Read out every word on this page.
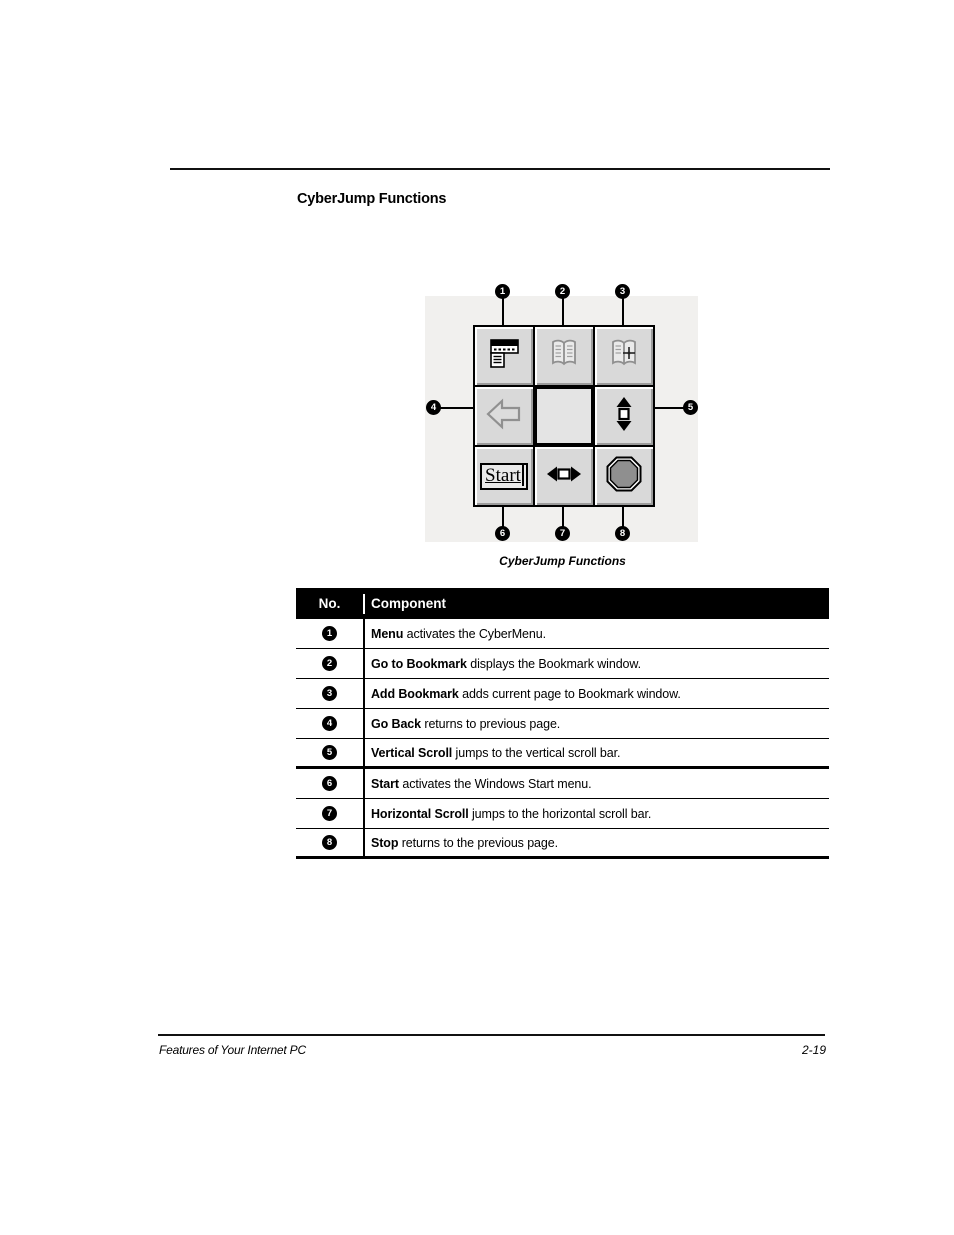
CyberJump Functions
1	2	3
4	5
6	7	8
Start
CyberJump Functions
No.	Component
1	Menu activates the CyberMenu.
2	Go to Bookmark displays the Bookmark window.
3	Add Bookmark adds current page to Bookmark window.
4	Go Back returns to previous page.
5	Vertical Scroll jumps to the vertical scroll bar.
6	Start activates the Windows Start menu.
7	Horizontal Scroll jumps to the horizontal scroll bar.
8	Stop returns to the previous page.
Features of Your Internet PC	2-19
